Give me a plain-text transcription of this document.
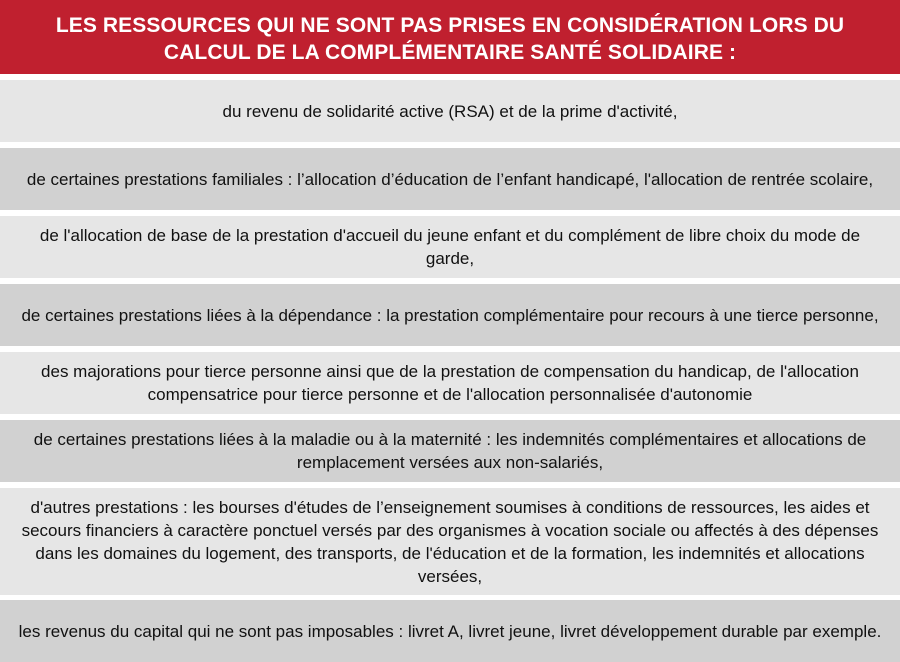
LES RESSOURCES QUI NE SONT PAS PRISES EN CONSIDÉRATION LORS DU CALCUL DE LA COMPLÉMENTAIRE SANTÉ SOLIDAIRE :
du revenu de solidarité active (RSA) et de la prime d'activité,
de certaines prestations familiales : l’allocation d’éducation de l’enfant handicapé, l'allocation de rentrée scolaire,
de l'allocation de base de la prestation d'accueil du jeune enfant et du complément de libre choix du mode de garde,
de certaines prestations liées à la dépendance : la prestation complémentaire pour recours à une tierce personne,
des majorations pour tierce personne ainsi que de la prestation de compensation du handicap, de l'allocation compensatrice pour tierce personne et de l'allocation personnalisée d'autonomie
de certaines prestations liées à la maladie ou à la maternité : les indemnités complémentaires et allocations de remplacement versées aux non-salariés,
d'autres prestations : les bourses d'études de l’enseignement soumises à conditions de ressources, les aides et secours financiers à caractère ponctuel versés par des organismes à vocation sociale ou affectés à des dépenses dans les domaines du logement, des transports, de l'éducation et de la formation, les indemnités et allocations versées,
les revenus du capital qui ne sont pas imposables : livret A, livret jeune, livret développement durable par exemple.
